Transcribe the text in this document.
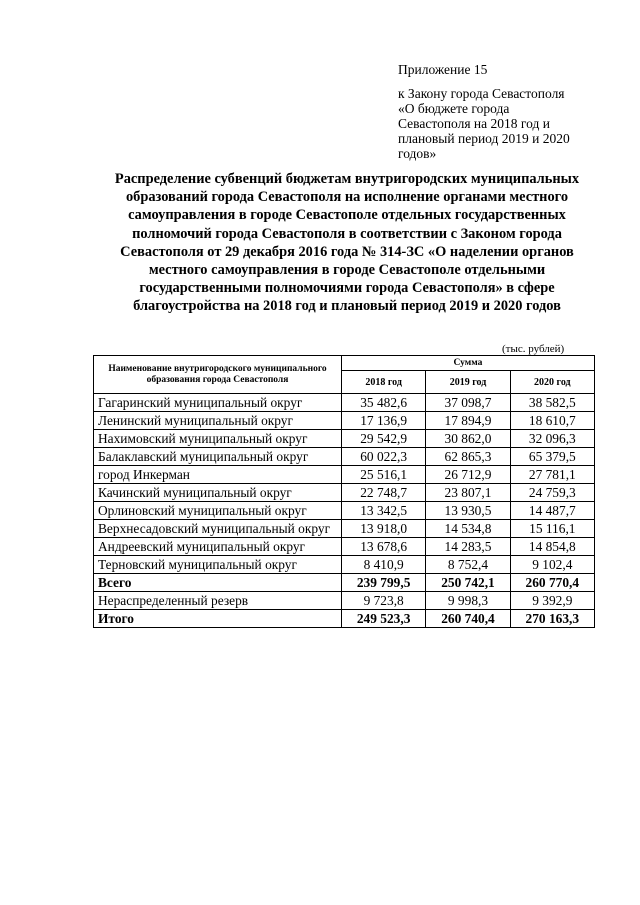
Приложение 15
к Закону города Севастополя
«О бюджете города
Севастополя на 2018 год и
плановый период 2019 и 2020
годов»
Распределение субвенций бюджетам внутригородских муниципальных
образований города Севастополя на исполнение органами местного
самоуправления в городе Севастополе отдельных государственных
полномочий города Севастополя в соответствии с Законом города
Севастополя от 29 декабря 2016 года № 314-ЗС «О наделении органов
местного самоуправления в городе Севастополе отдельными
государственными полномочиями города Севастополя» в сфере
благоустройства на 2018 год и плановый период 2019 и 2020 годов
(тыс. рублей)
Наименование внутригородского муниципального образования города Севастополя	Сумма		
	2018 год	2019 год	2020 год
Гагаринский муниципальный округ	35 482,6	37 098,7	38 582,5
Ленинский муниципальный округ	17 136,9	17 894,9	18 610,7
Нахимовский муниципальный округ	29 542,9	30 862,0	32 096,3
Балаклавский муниципальный округ	60 022,3	62 865,3	65 379,5
город Инкерман	25 516,1	26 712,9	27 781,1
Качинский муниципальный округ	22 748,7	23 807,1	24 759,3
Орлиновский муниципальный округ	13 342,5	13 930,5	14 487,7
Верхнесадовский муниципальный округ	13 918,0	14 534,8	15 116,1
Андреевский муниципальный округ	13 678,6	14 283,5	14 854,8
Терновский муниципальный округ	8 410,9	8 752,4	9 102,4
Всего	239 799,5	250 742,1	260 770,4
Нераспределенный резерв	9 723,8	9 998,3	9 392,9
Итого	249 523,3	260 740,4	270 163,3
